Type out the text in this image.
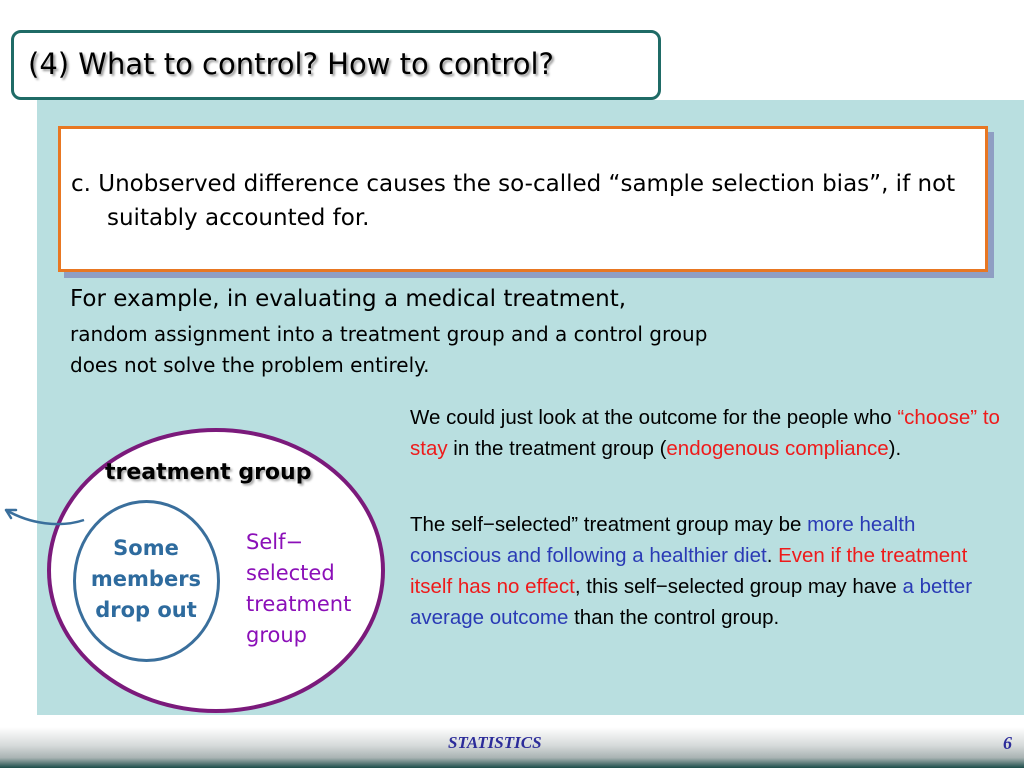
(4) What to control? How to control?
c. Unobserved difference causes the so-called “sample selection bias”, if not suitably accounted for.
For example, in evaluating a medical treatment,
random assignment into a treatment group and a control group
does not solve the problem entirely.
We could just look at the outcome for the people who “choose” to stay in the treatment group (endogenous compliance).
The self−selected” treatment group may be more health conscious and following a healthier diet. Even if the treatment itself has no effect, this self−selected group may have a better average outcome than the control group.
treatment group
Some members drop out
Self− selected treatment group
STATISTICS	6
